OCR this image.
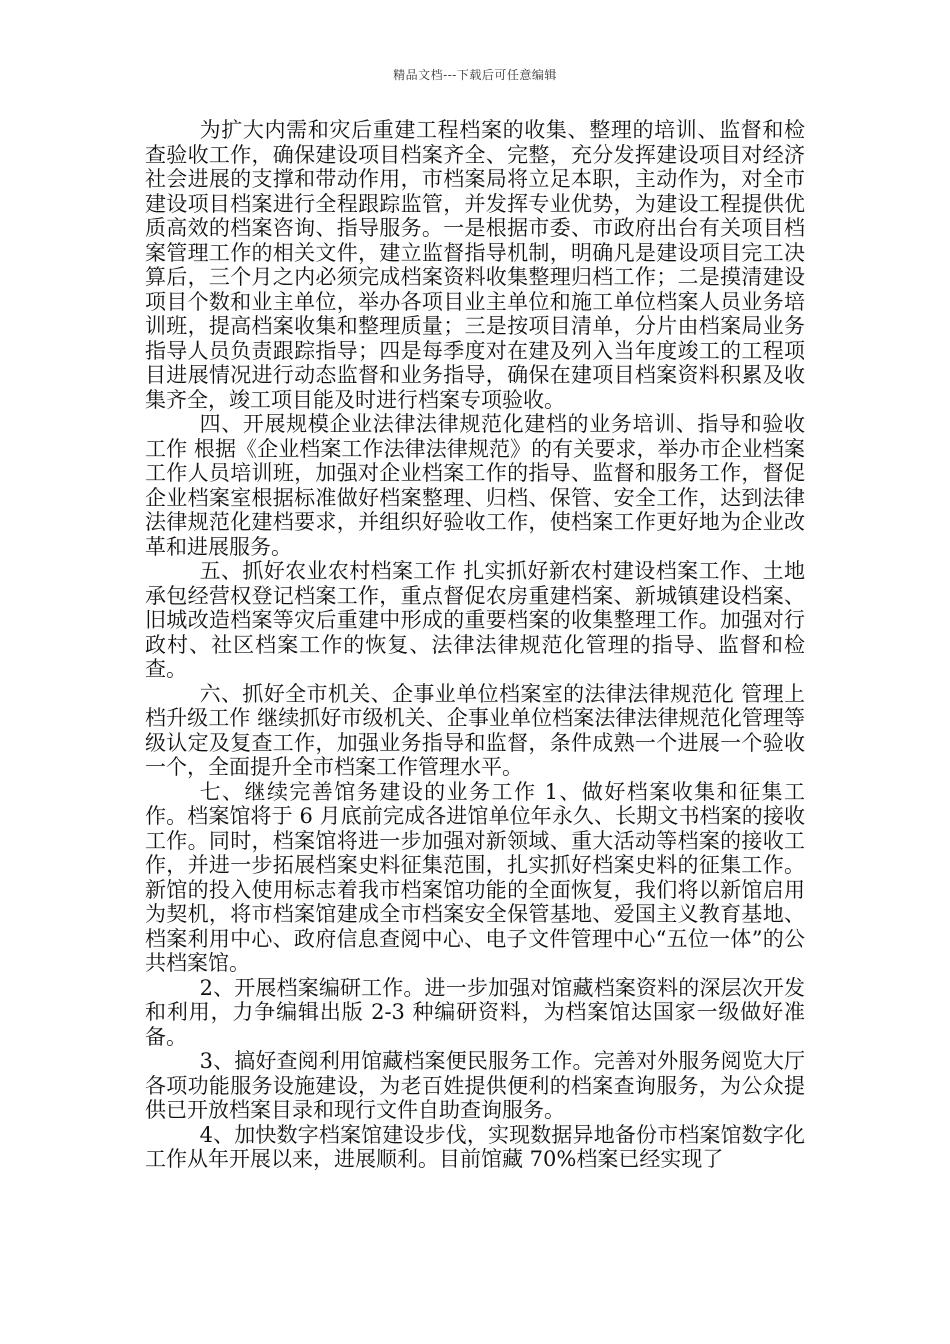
精品文档---下载后可任意编辑

为扩大内需和灾后重建工程档案的收集、整理的培训、监督和检查验收工作，确保建设项目档案齐全、完整，充分发挥建设项目对经济社会进展的支撑和带动作用，市档案局将立足本职，主动作为，对全市建设项目档案进行全程跟踪监管，并发挥专业优势，为建设工程提供优质高效的档案咨询、指导服务。一是根据市委、市政府出台有关项目档案管理工作的相关文件，建立监督指导机制，明确凡是建设项目完工决算后，三个月之内必须完成档案资料收集整理归档工作；二是摸清建设项目个数和业主单位，举办各项目业主单位和施工单位档案人员业务培训班，提高档案收集和整理质量；三是按项目清单，分片由档案局业务指导人员负责跟踪指导；四是每季度对在建及列入当年度竣工的工程项目进展情况进行动态监督和业务指导，确保在建项目档案资料积累及收集齐全，竣工项目能及时进行档案专项验收。

四、开展规模企业法律法律规范化建档的业务培训、指导和验收工作 根据《企业档案工作法律法律规范》的有关要求，举办市企业档案工作人员培训班，加强对企业档案工作的指导、监督和服务工作，督促企业档案室根据标准做好档案整理、归档、保管、安全工作，达到法律法律规范化建档要求，并组织好验收工作，使档案工作更好地为企业改革和进展服务。

五、抓好农业农村档案工作 扎实抓好新农村建设档案工作、土地承包经营权登记档案工作，重点督促农房重建档案、新城镇建设档案、旧城改造档案等灾后重建中形成的重要档案的收集整理工作。加强对行政村、社区档案工作的恢复、法律法律规范化管理的指导、监督和检查。

六、抓好全市机关、企事业单位档案室的法律法律规范化 管理上档升级工作 继续抓好市级机关、企事业单位档案法律法律规范化管理等级认定及复查工作，加强业务指导和监督，条件成熟一个进展一个验收一个，全面提升全市档案工作管理水平。

七、继续完善馆务建设的业务工作 1、做好档案收集和征集工作。档案馆将于 6 月底前完成各进馆单位年永久、长期文书档案的接收工作。同时，档案馆将进一步加强对新领域、重大活动等档案的接收工作，并进一步拓展档案史料征集范围，扎实抓好档案史料的征集工作。新馆的投入使用标志着我市档案馆功能的全面恢复，我们将以新馆启用为契机，将市档案馆建成全市档案安全保管基地、爱国主义教育基地、档案利用中心、政府信息查阅中心、电子文件管理中心“五位一体”的公共档案馆。

2、开展档案编研工作。进一步加强对馆藏档案资料的深层次开发和利用，力争编辑出版 2-3 种编研资料，为档案馆达国家一级做好准备。

3、搞好查阅利用馆藏档案便民服务工作。完善对外服务阅览大厅各项功能服务设施建设，为老百姓提供便利的档案查询服务，为公众提供已开放档案目录和现行文件自助查询服务。

4、加快数字档案馆建设步伐，实现数据异地备份市档案馆数字化工作从年开展以来，进展顺利。目前馆藏 70%档案已经实现了
